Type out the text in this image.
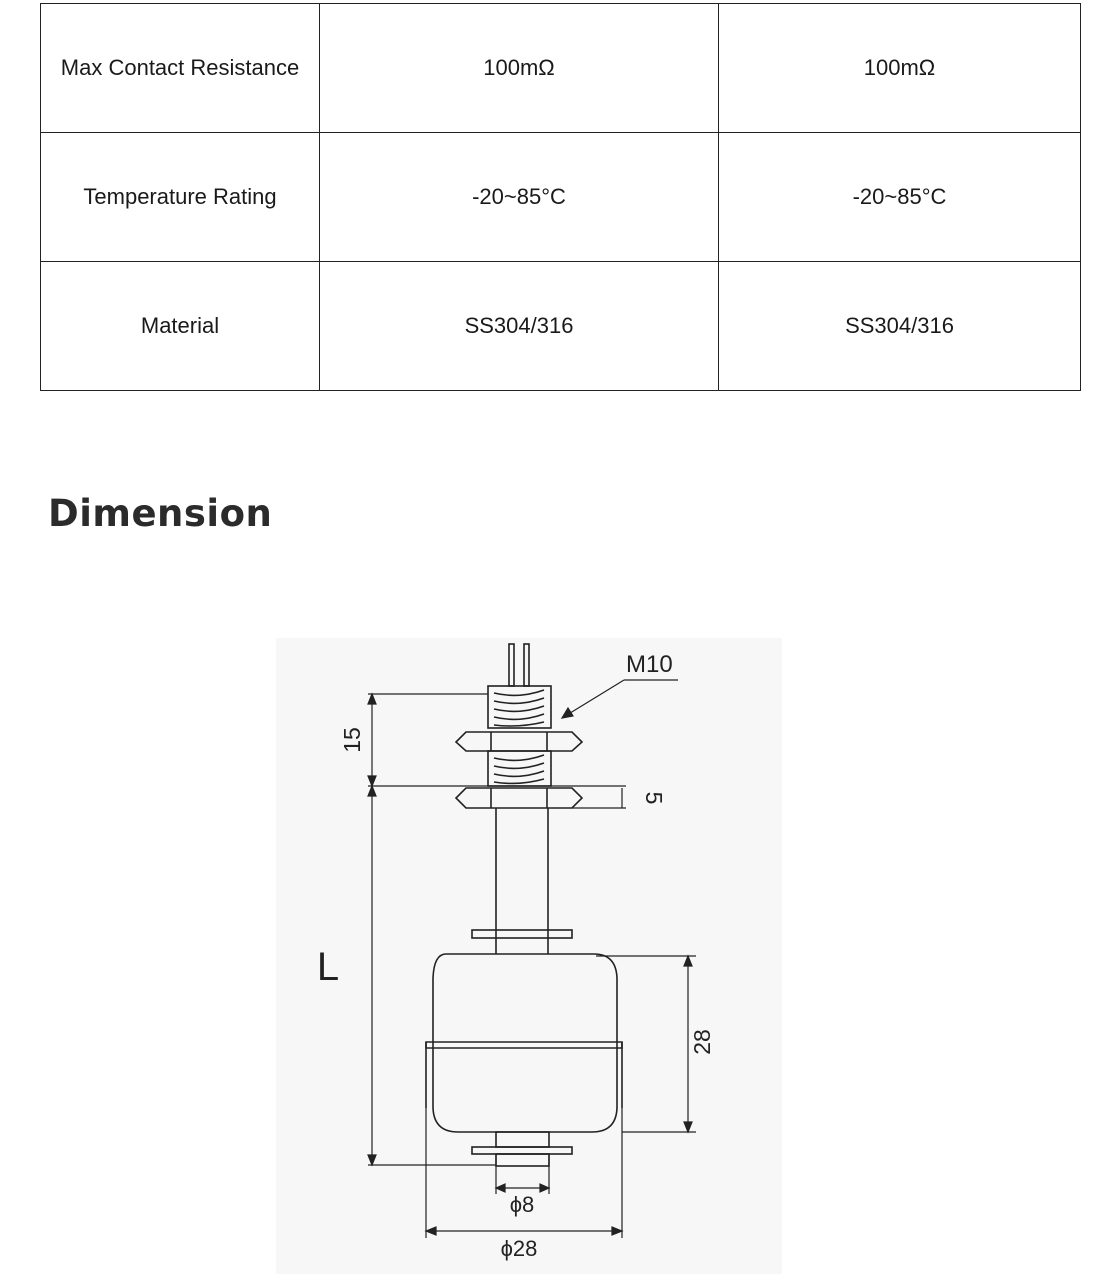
Max Contact Resistance	100mΩ	100mΩ
Temperature Rating	-20~85°C	-20~85°C
Material	SS304/316	SS304/316
Dimension
M10
15
5
L
28
ϕ8
ϕ28
